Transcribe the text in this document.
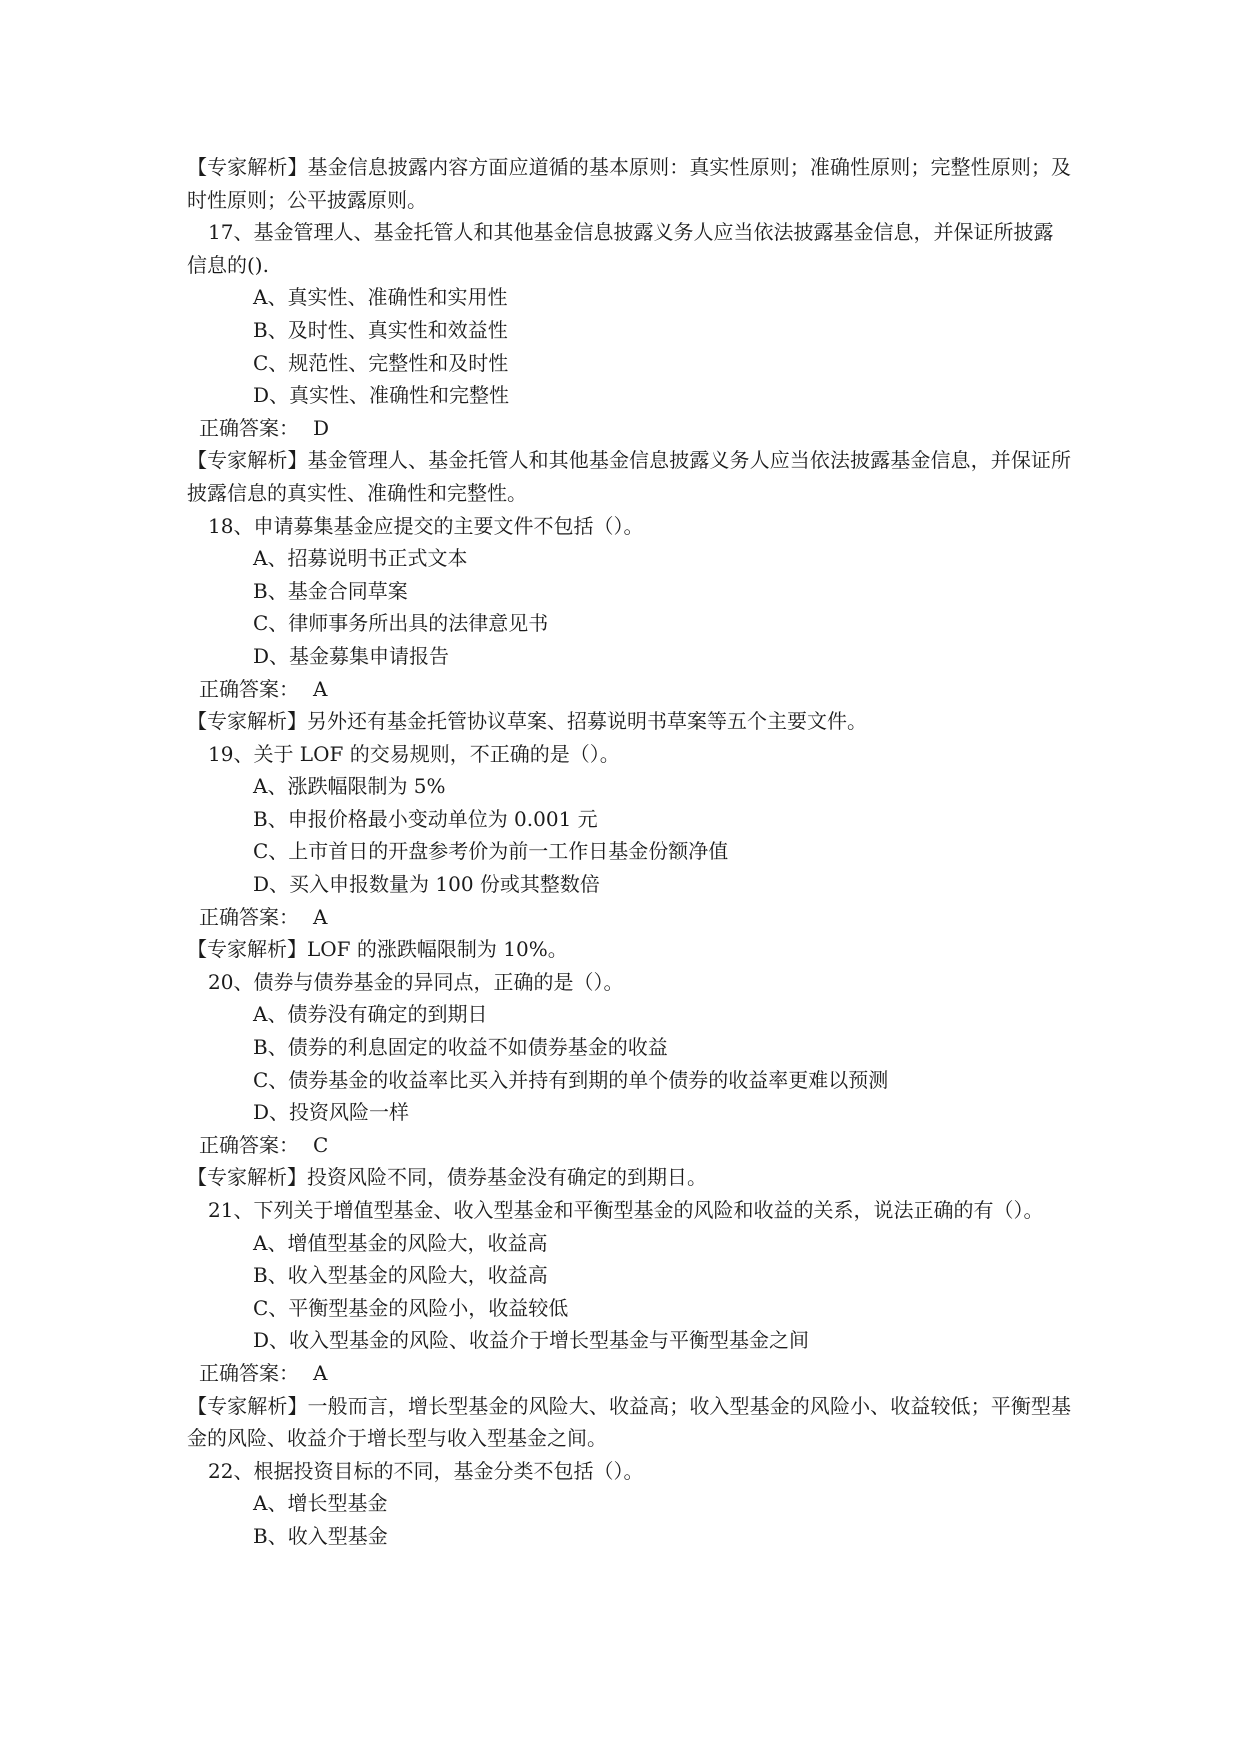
【专家解析】基金信息披露内容方面应道循的基本原则：真实性原则；准确性原则；完整性原则；及时性原则；公平披露原则。

17、基金管理人、基金托管人和其他基金信息披露义务人应当依法披露基金信息，并保证所披露信息的().

A、真实性、准确性和实用性

B、及时性、真实性和效益性

C、规范性、完整性和及时性

D、真实性、准确性和完整性

正确答案： D

【专家解析】基金管理人、基金托管人和其他基金信息披露义务人应当依法披露基金信息，并保证所披露信息的真实性、准确性和完整性。

18、申请募集基金应提交的主要文件不包括（）。

A、招募说明书正式文本

B、基金合同草案

C、律师事务所出具的法律意见书

D、基金募集申请报告

正确答案： A

【专家解析】另外还有基金托管协议草案、招募说明书草案等五个主要文件。

19、关于 LOF 的交易规则，不正确的是（）。

A、涨跌幅限制为 5%

B、申报价格最小变动单位为 0.001 元

C、上市首日的开盘参考价为前一工作日基金份额净值

D、买入申报数量为 100 份或其整数倍

正确答案： A

【专家解析】LOF 的涨跌幅限制为 10%。

20、债券与债券基金的异同点，正确的是（）。

A、债券没有确定的到期日

B、债券的利息固定的收益不如债券基金的收益

C、债券基金的收益率比买入并持有到期的单个债券的收益率更难以预测

D、投资风险一样

正确答案： C

【专家解析】投资风险不同，债券基金没有确定的到期日。

21、下列关于增值型基金、收入型基金和平衡型基金的风险和收益的关系，说法正确的有（）。

A、增值型基金的风险大，收益高

B、收入型基金的风险大，收益高

C、平衡型基金的风险小，收益较低

D、收入型基金的风险、收益介于增长型基金与平衡型基金之间

正确答案： A

【专家解析】一般而言，增长型基金的风险大、收益高；收入型基金的风险小、收益较低；平衡型基金的风险、收益介于增长型与收入型基金之间。

22、根据投资目标的不同，基金分类不包括（）。

A、增长型基金

B、收入型基金
